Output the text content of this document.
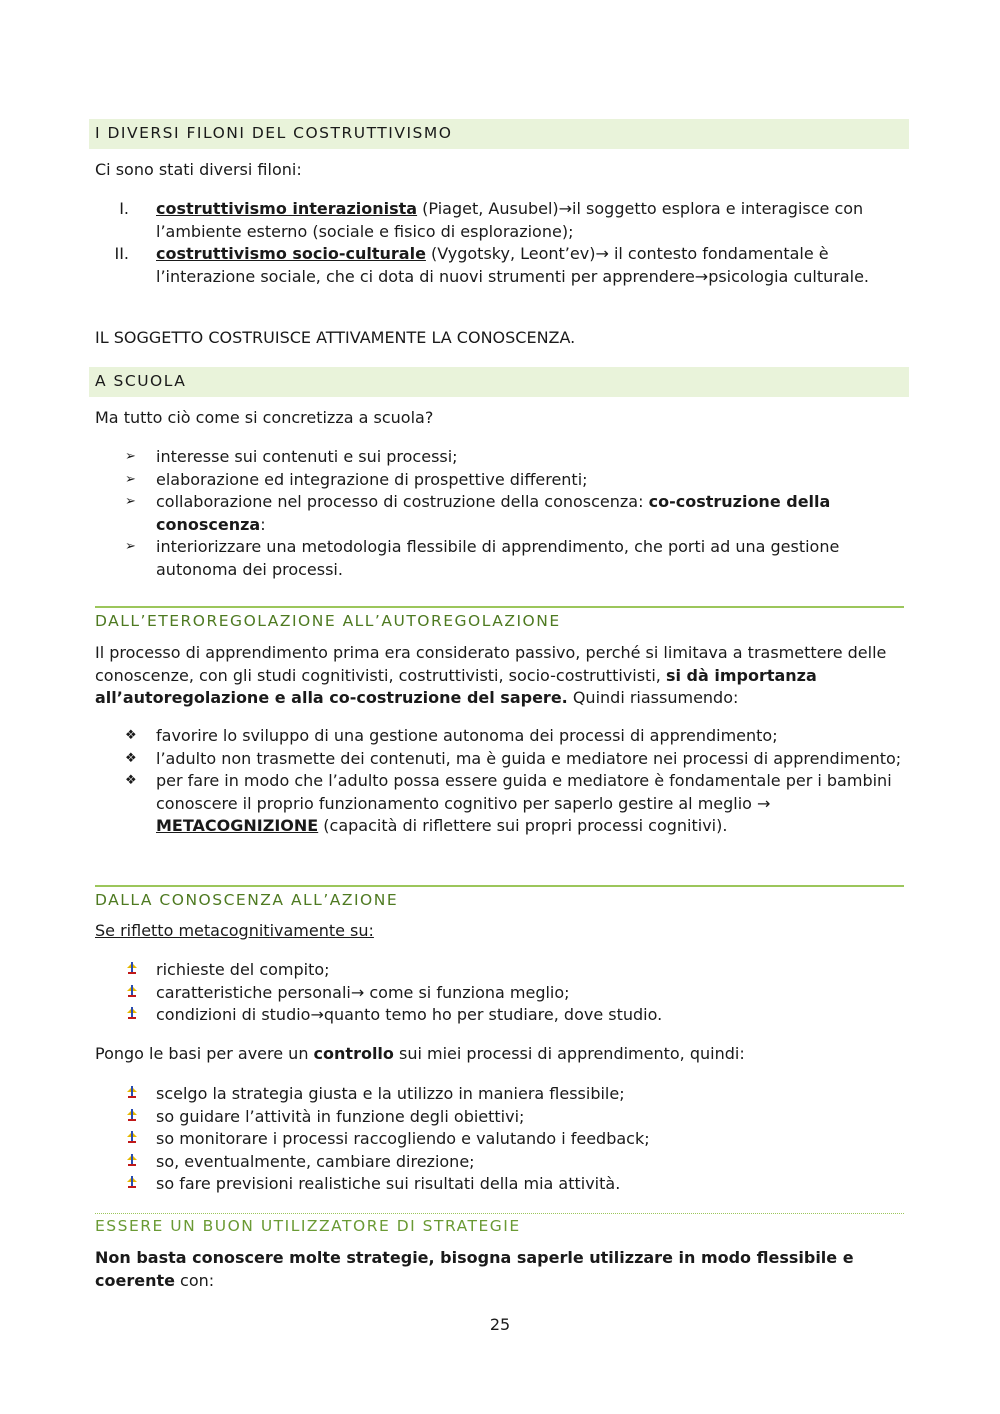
I DIVERSI FILONI DEL COSTRUTTIVISMO
Ci sono stati diversi filoni:
I. costruttivismo interazionista (Piaget, Ausubel)→il soggetto esplora e interagisce con l’ambiente esterno (sociale e fisico di esplorazione);
II. costruttivismo socio-culturale (Vygotsky, Leont’ev)→ il contesto fondamentale è l’interazione sociale, che ci dota di nuovi strumenti per apprendere→psicologia culturale.
IL SOGGETTO COSTRUISCE ATTIVAMENTE LA CONOSCENZA.
A SCUOLA
Ma tutto ciò come si concretizza a scuola?
➢ interesse sui contenuti e sui processi;
➢ elaborazione ed integrazione di prospettive differenti;
➢ collaborazione nel processo di costruzione della conoscenza: co-costruzione della conoscenza:
➢ interiorizzare una metodologia flessibile di apprendimento, che porti ad una gestione autonoma dei processi.
DALL’ETEROREGOLAZIONE ALL’AUTOREGOLAZIONE
Il processo di apprendimento prima era considerato passivo, perché si limitava a trasmettere delle conoscenze, con gli studi cognitivisti, costruttivisti, socio-costruttivisti, si dà importanza all’autoregolazione e alla co-costruzione del sapere. Quindi riassumendo:
❖ favorire lo sviluppo di una gestione autonoma dei processi di apprendimento;
❖ l’adulto non trasmette dei contenuti, ma è guida e mediatore nei processi di apprendimento;
❖ per fare in modo che l’adulto possa essere guida e mediatore è fondamentale per i bambini conoscere il proprio funzionamento cognitivo per saperlo gestire al meglio → METACOGNIZIONE (capacità di riflettere sui propri processi cognitivi).
DALLA CONOSCENZA ALL’AZIONE
Se rifletto metacognitivamente su:
richieste del compito;
caratteristiche personali→ come si funziona meglio;
condizioni di studio→quanto temo ho per studiare, dove studio.
Pongo le basi per avere un controllo sui miei processi di apprendimento, quindi:
scelgo la strategia giusta e la utilizzo in maniera flessibile;
so guidare l’attività in funzione degli obiettivi;
so monitorare i processi raccogliendo e valutando i feedback;
so, eventualmente, cambiare direzione;
so fare previsioni realistiche sui risultati della mia attività.
ESSERE UN BUON UTILIZZATORE DI STRATEGIE
Non basta conoscere molte strategie, bisogna saperle utilizzare in modo flessibile e coerente con:
25
